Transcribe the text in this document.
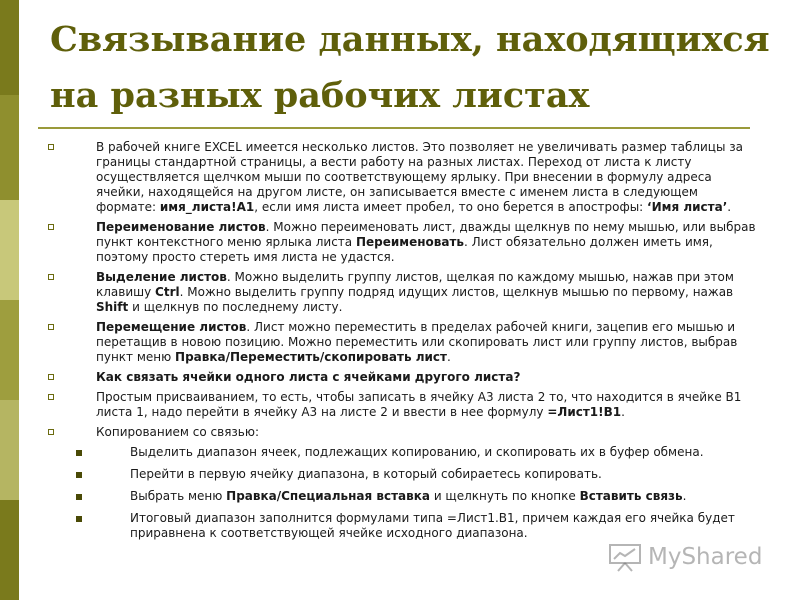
Связывание данных, находящихся
на разных рабочих листах
В рабочей книге EXCEL имеется несколько листов. Это позволяет не увеличивать размер таблицы за границы стандартной страницы, а вести работу на разных листах. Переход от листа к листу осуществляется щелчком мыши по соответствующему ярлыку. При внесении в формулу адреса ячейки, находящейся на другом листе, он записывается вместе с именем листа в следующем формате: имя_листа!А1, если имя листа имеет пробел, то оно берется в апострофы: ‘Имя листа’.
Переименование листов. Можно переименовать лист, дважды щелкнув по нему мышью, или выбрав пункт контекстного меню ярлыка листа Переименовать. Лист обязательно должен иметь имя, поэтому просто стереть имя листа не удастся.
Выделение листов. Можно выделить группу листов, щелкая по каждому мышью, нажав при этом клавишу Ctrl. Можно выделить группу подряд идущих листов, щелкнув мышью по первому, нажав Shift и щелкнув по последнему листу.
Перемещение листов. Лист можно переместить в пределах рабочей книги, зацепив его мышью и перетащив в новою позицию. Можно переместить или скопировать лист или группу листов, выбрав пункт меню Правка/Переместить/скопировать лист.
Как связать ячейки одного листа с ячейками другого листа?
Простым присваиванием, то есть, чтобы записать в ячейку А3 листа 2 то, что находится в ячейке В1 листа 1, надо перейти в ячейку А3 на листе 2 и ввести в нее формулу =Лист1!В1.
Копированием со связью:
Выделить диапазон ячеек, подлежащих копированию, и скопировать их в буфер обмена.
Перейти в первую ячейку диапазона, в который собираетесь копировать.
Выбрать меню Правка/Специальная вставка и щелкнуть по кнопке Вставить связь.
Итоговый диапазон заполнится формулами типа =Лист1.В1, причем каждая его ячейка будет приравнена к соответствующей ячейке исходного диапазона.
MyShared
